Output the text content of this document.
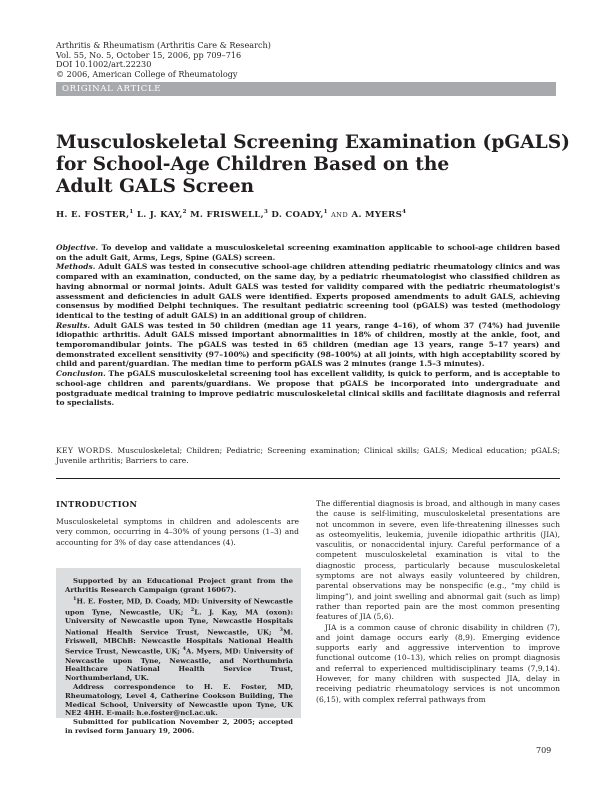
Arthritis & Rheumatism (Arthritis Care & Research)
Vol. 55, No. 5, October 15, 2006, pp 709–716
DOI 10.1002/art.22230
© 2006, American College of Rheumatology
ORIGINAL ARTICLE
Musculoskeletal Screening Examination (pGALS)
for School-Age Children Based on the
Adult GALS Screen
H. E. FOSTER,$^1$ L. J. KAY,$^2$ M. FRISWELL,$^3$ D. COADY,$^1$ AND A. MYERS$^4$

Objective. To develop and validate a musculoskeletal screening examination applicable to school-age children based on the adult Gait, Arms, Legs, Spine (GALS) screen.

Methods. Adult GALS was tested in consecutive school-age children attending pediatric rheumatology clinics and was compared with an examination, conducted, on the same day, by a pediatric rheumatologist who classified children as having abnormal or normal joints. Adult GALS was tested for validity compared with the pediatric rheumatologist's assessment and deficiencies in adult GALS were identified. Experts proposed amendments to adult GALS, achieving consensus by modified Delphi techniques. The resultant pediatric screening tool (pGALS) was tested (methodology identical to the testing of adult GALS) in an additional group of children.

Results. Adult GALS was tested in 50 children (median age 11 years, range 4–16), of whom 37 (74%) had juvenile idiopathic arthritis. Adult GALS missed important abnormalities in 18% of children, mostly at the ankle, foot, and temporomandibular joints. The pGALS was tested in 65 children (median age 13 years, range 5–17 years) and demonstrated excellent sensitivity (97–100%) and specificity (98–100%) at all joints, with high acceptability scored by child and parent/guardian. The median time to perform pGALS was 2 minutes (range 1.5–3 minutes).

Conclusion. The pGALS musculoskeletal screening tool has excellent validity, is quick to perform, and is acceptable to school-age children and parents/guardians. We propose that pGALS be incorporated into undergraduate and postgraduate medical training to improve pediatric musculoskeletal clinical skills and facilitate diagnosis and referral to specialists.

KEY WORDS. Musculoskeletal; Children; Pediatric; Screening examination; Clinical skills; GALS; Medical education; pGALS; Juvenile arthritis; Barriers to care.
INTRODUCTION

Musculoskeletal symptoms in children and adolescents are very common, occurring in 4–30% of young persons (1–3) and accounting for 3% of day case attendances (4).

Supported by an Educational Project grant from the Arthritis Research Campaign (grant 16067).

$^1$H. E. Foster, MD, D. Coady, MD: University of Newcastle upon Tyne, Newcastle, UK; $^2$L. J. Kay, MA (oxon): University of Newcastle upon Tyne, Newcastle Hospitals National Health Service Trust, Newcastle, UK; $^3$M. Friswell, MBChB: Newcastle Hospitals National Health Service Trust, Newcastle, UK; $^4$A. Myers, MD: University of Newcastle upon Tyne, Newcastle, and Northumbria Healthcare National Health Service Trust, Northumberland, UK.

Address correspondence to H. E. Foster, MD, Rheumatology, Level 4, Catherine Cookson Building, The Medical School, University of Newcastle upon Tyne, UK NE2 4HH. E-mail: h.e.foster@ncl.ac.uk.

Submitted for publication November 2, 2005; accepted in revised form January 19, 2006.

The differential diagnosis is broad, and although in many cases the cause is self-limiting, musculoskeletal presentations are not uncommon in severe, even life-threatening illnesses such as osteomyelitis, leukemia, juvenile idiopathic arthritis (JIA), vasculitis, or nonaccidental injury. Careful performance of a competent musculoskeletal examination is vital to the diagnostic process, particularly because musculoskeletal symptoms are not always easily volunteered by children, parental observations may be nonspecific (e.g., “my child is limping”), and joint swelling and abnormal gait (such as limp) rather than reported pain are the most common presenting features of JIA (5,6).

JIA is a common cause of chronic disability in children (7), and joint damage occurs early (8,9). Emerging evidence supports early and aggressive intervention to improve functional outcome (10–13), which relies on prompt diagnosis and referral to experienced multidisciplinary teams (7,9,14). However, for many children with suspected JIA, delay in receiving pediatric rheumatology services is not uncommon (6,15), with complex referral pathways from

709
